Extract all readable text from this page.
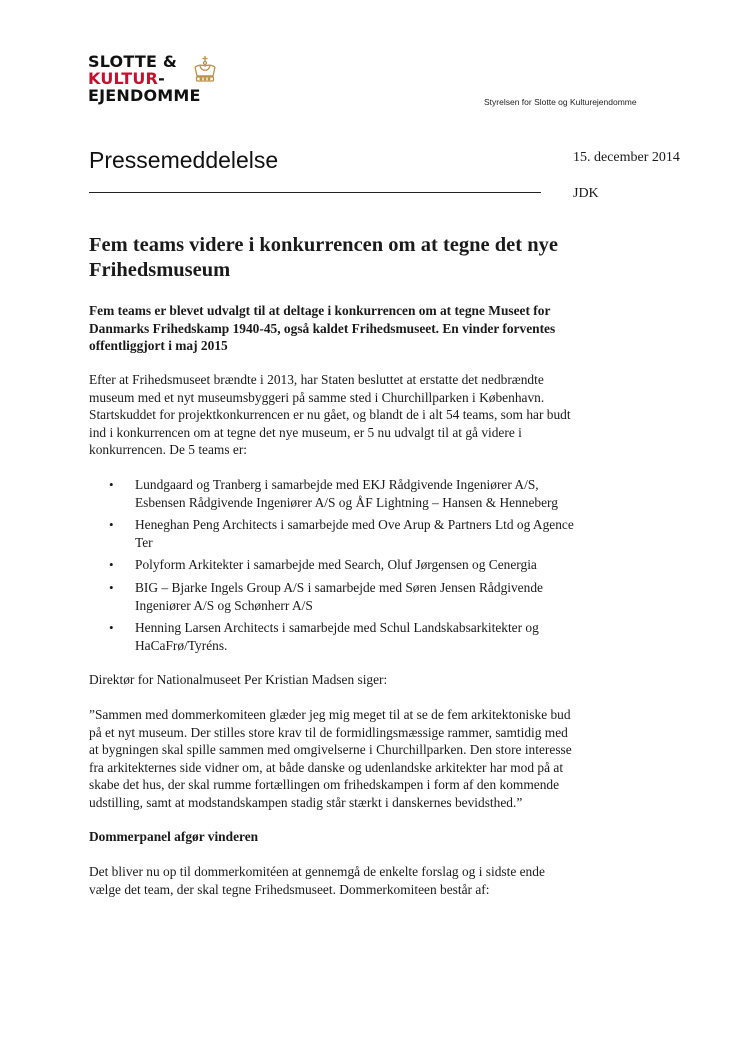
SLOTTE &
KULTUR-
EJENDOMME	Styrelsen for Slotte og Kulturejendomme
Pressemeddelelse	15. december 2014
JDK
Fem teams videre i konkurrencen om at tegne det nye Frihedsmuseum

Fem teams er blevet udvalgt til at deltage i konkurrencen om at tegne Museet for Danmarks Frihedskamp 1940-45, også kaldet Frihedsmuseet. En vinder forventes offentliggjort i maj 2015

Efter at Frihedsmuseet brændte i 2013, har Staten besluttet at erstatte det nedbrændte museum med et nyt museumsbyggeri på samme sted i Churchillparken i København. Startskuddet for projektkonkurrencen er nu gået, og blandt de i alt 54 teams, som har budt ind i konkurrencen om at tegne det nye museum, er 5 nu udvalgt til at gå videre i konkurrencen. De 5 teams er:

• Lundgaard og Tranberg i samarbejde med EKJ Rådgivende Ingeniører A/S, Esbensen Rådgivende Ingeniører A/S og ÅF Lightning – Hansen & Henneberg
• Heneghan Peng Architects i samarbejde med Ove Arup & Partners Ltd og Agence Ter
• Polyform Arkitekter i samarbejde med Search, Oluf Jørgensen og Cenergia
• BIG – Bjarke Ingels Group A/S i samarbejde med Søren Jensen Rådgivende Ingeniører A/S og Schønherr A/S
• Henning Larsen Architects i samarbejde med Schul Landskabsarkitekter og HaCaFrø/Tyréns.

Direktør for Nationalmuseet Per Kristian Madsen siger:

”Sammen med dommerkomiteen glæder jeg mig meget til at se de fem arkitektoniske bud på et nyt museum. Der stilles store krav til de formidlingsmæssige rammer, samtidig med at bygningen skal spille sammen med omgivelserne i Churchillparken. Den store interesse fra arkitekternes side vidner om, at både danske og udenlandske arkitekter har mod på at skabe det hus, der skal rumme fortællingen om frihedskampen i form af den kommende udstilling, samt at modstandskampen stadig står stærkt i danskernes bevidsthed.”

Dommerpanel afgør vinderen

Det bliver nu op til dommerkomitéen at gennemgå de enkelte forslag og i sidste ende vælge det team, der skal tegne Frihedsmuseet. Dommerkomiteen består af:
